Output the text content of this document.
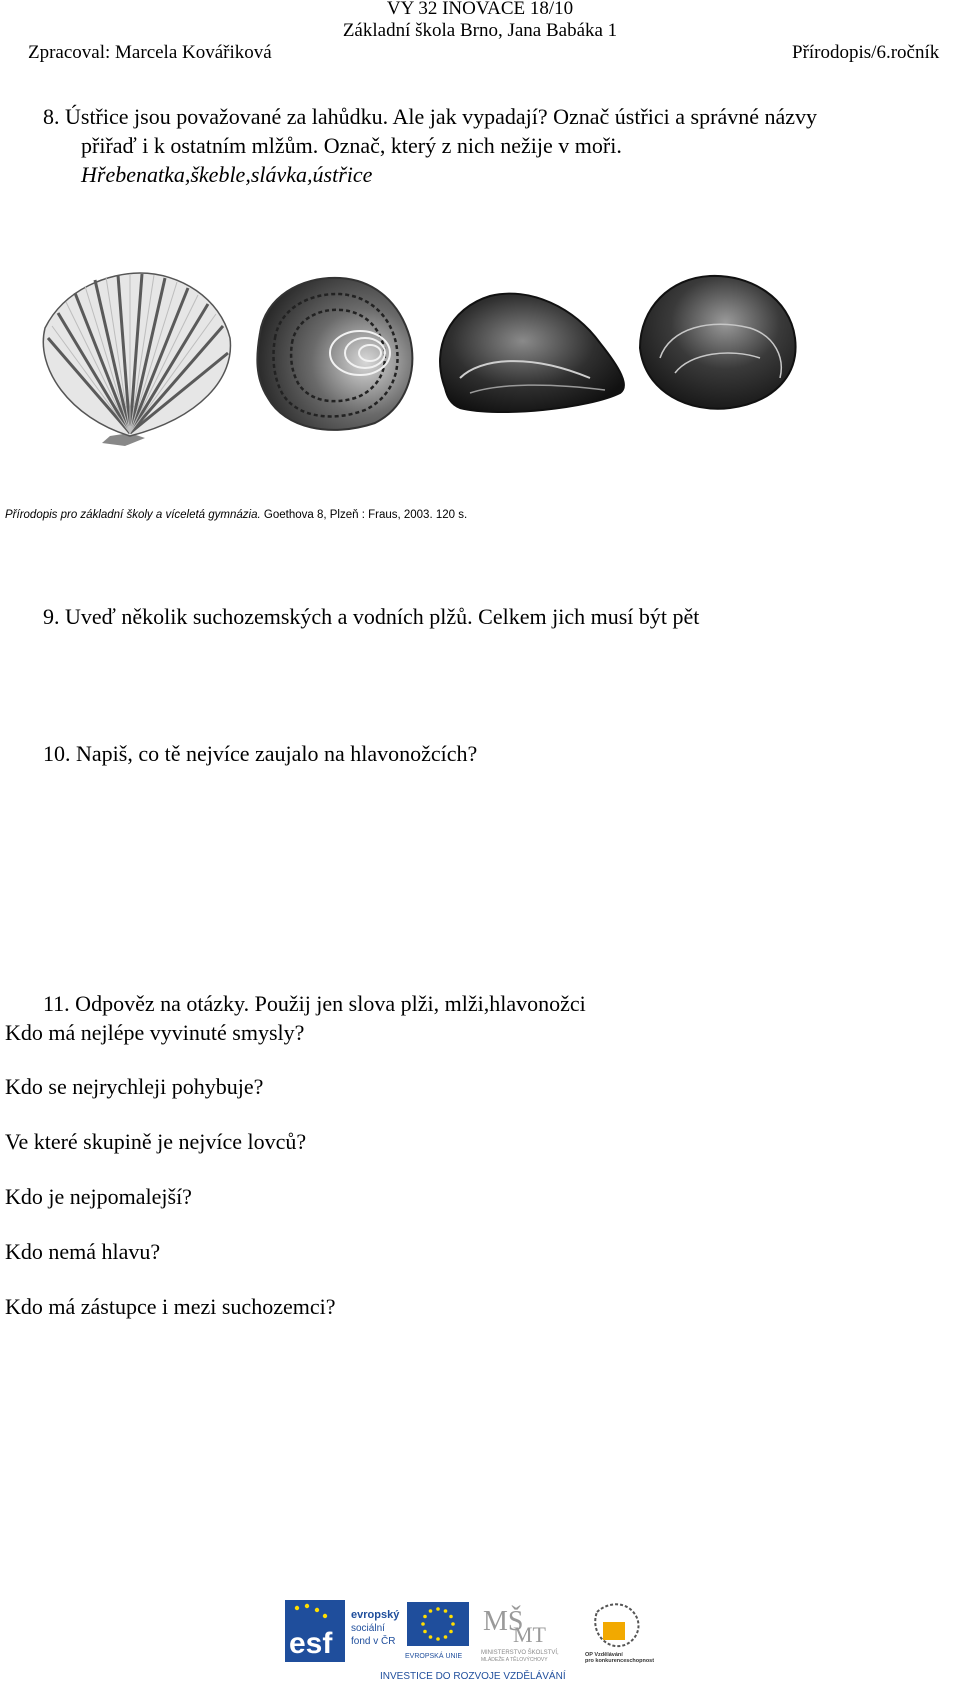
VY 32 INOVACE 18/10
Základní škola Brno, Jana Babáka 1
Zpracoval: Marcela Kovářiková	Přírodopis/6.ročník
8. Ústřice jsou považované za lahůdku. Ale jak vypadají? Označ ústřici a správné názvy
přiřaď i k ostatním mlžům. Označ, který z nich nežije v moři.
Hřebenatka,škeble,slávka,ústřice
Přírodopis pro základní školy a víceletá gymnázia. Goethova 8, Plzeň : Fraus, 2003. 120 s.
9. Uveď několik suchozemských a vodních plžů. Celkem jich musí být pět
10. Napiš, co tě nejvíce zaujalo na hlavonožcích?
11. Odpověz na otázky. Použij jen slova plži, mlži,hlavonožci
Kdo má nejlépe vyvinuté smysly?
Kdo se nejrychleji pohybuje?
Ve které skupině je nejvíce lovců?
Kdo je nejpomalejší?
Kdo nemá hlavu?
Kdo má zástupce i mezi suchozemci?
esf
evropský
sociální
fond v ČR
EVROPSKÁ UNIE
MŠ
MT
MINISTERSTVO ŠKOLSTVÍ,
MLÁDEŽE A TĚLOVÝCHOVY
OP Vzdělávání
pro konkurenceschopnost
INVESTICE DO ROZVOJE VZDĚLÁVÁNÍ
